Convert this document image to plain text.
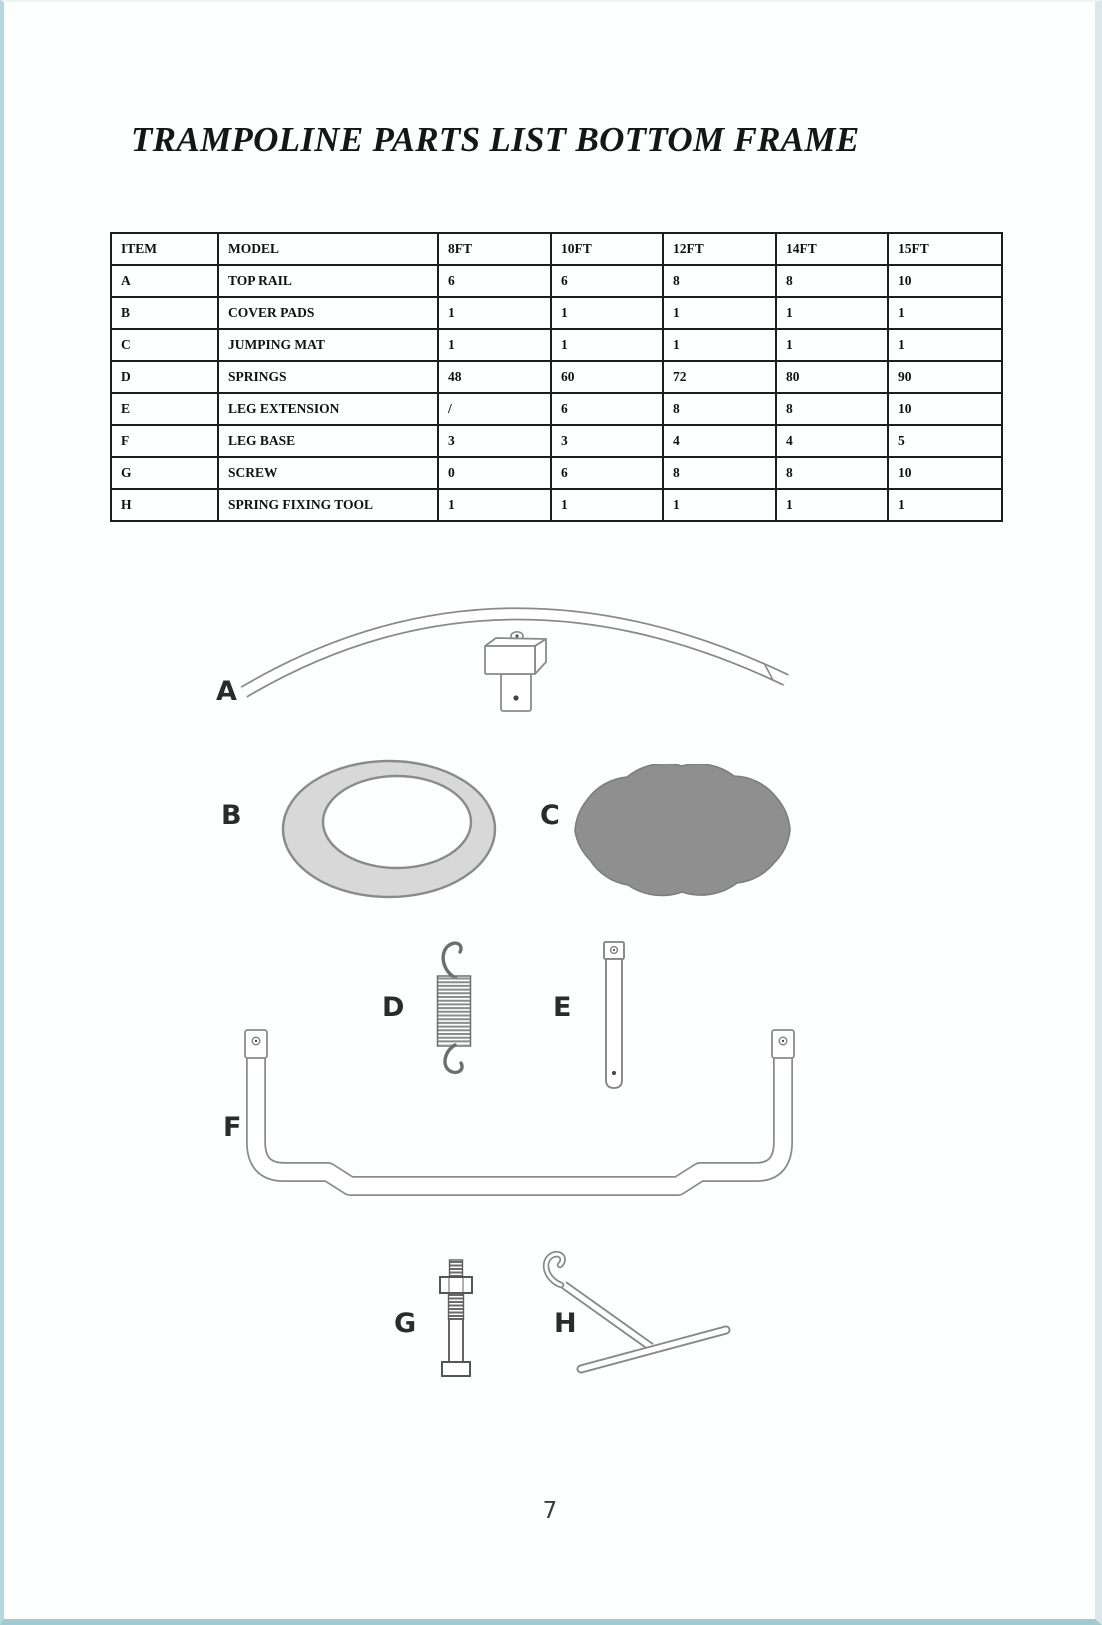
TRAMPOLINE PARTS LIST BOTTOM FRAME
ITEM	MODEL	8FT	10FT	12FT	14FT	15FT
A	TOP RAIL	6	6	8	8	10
B	COVER PADS	1	1	1	1	1
C	JUMPING MAT	1	1	1	1	1
D	SPRINGS	48	60	72	80	90
E	LEG EXTENSION	/	6	8	8	10
F	LEG BASE	3	3	4	4	5
G	SCREW	0	6	8	8	10
H	SPRING FIXING TOOL	1	1	1	1	1
A
B	C
D	E
F
G	H
7
